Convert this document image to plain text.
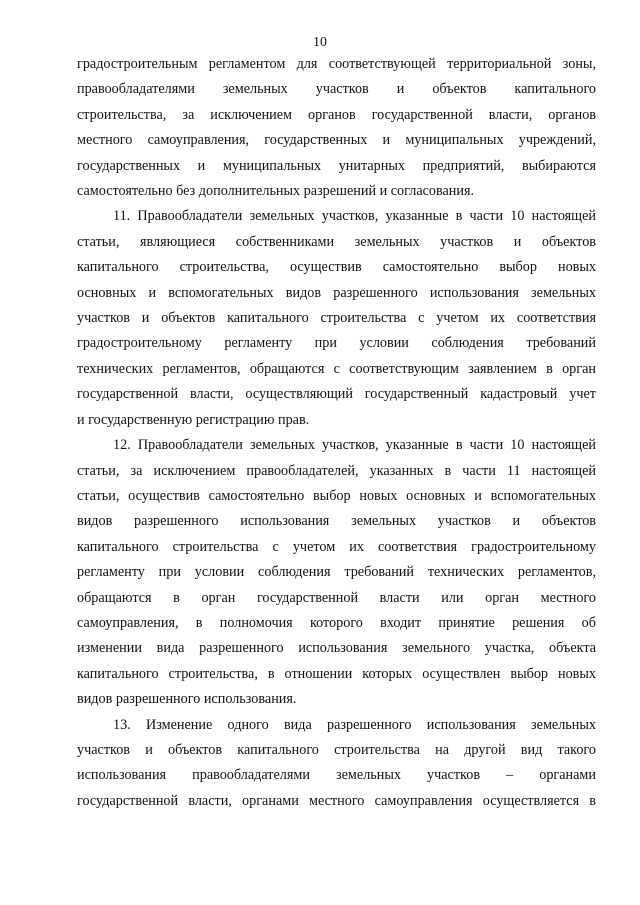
10

градостроительным регламентом для соответствующей территориальной зоны,
правообладателями земельных участков и объектов капитального
строительства, за исключением органов государственной власти, органов
местного самоуправления, государственных и муниципальных учреждений,
государственных и муниципальных унитарных предприятий, выбираются
самостоятельно без дополнительных разрешений и согласования.

11. Правообладатели земельных участков, указанные в части 10 настоящей
статьи, являющиеся собственниками земельных участков и объектов
капитального строительства, осуществив самостоятельно выбор новых
основных и вспомогательных видов разрешенного использования земельных
участков и объектов капитального строительства с учетом их соответствия
градостроительному регламенту при условии соблюдения требований
технических регламентов, обращаются с соответствующим заявлением в орган
государственной власти, осуществляющий государственный кадастровый учет
и государственную регистрацию прав.

12. Правообладатели земельных участков, указанные в части 10 настоящей
статьи, за исключением правообладателей, указанных в части 11 настоящей
статьи, осуществив самостоятельно выбор новых основных и вспомогательных
видов разрешенного использования земельных участков и объектов
капитального строительства с учетом их соответствия градостроительному
регламенту при условии соблюдения требований технических регламентов,
обращаются в орган государственной власти или орган местного
самоуправления, в полномочия которого входит принятие решения об
изменении вида разрешенного использования земельного участка, объекта
капитального строительства, в отношении которых осуществлен выбор новых
видов разрешенного использования.

13. Изменение одного вида разрешенного использования земельных
участков и объектов капитального строительства на другой вид такого
использования правообладателями земельных участков – органами
государственной власти, органами местного самоуправления осуществляется в
